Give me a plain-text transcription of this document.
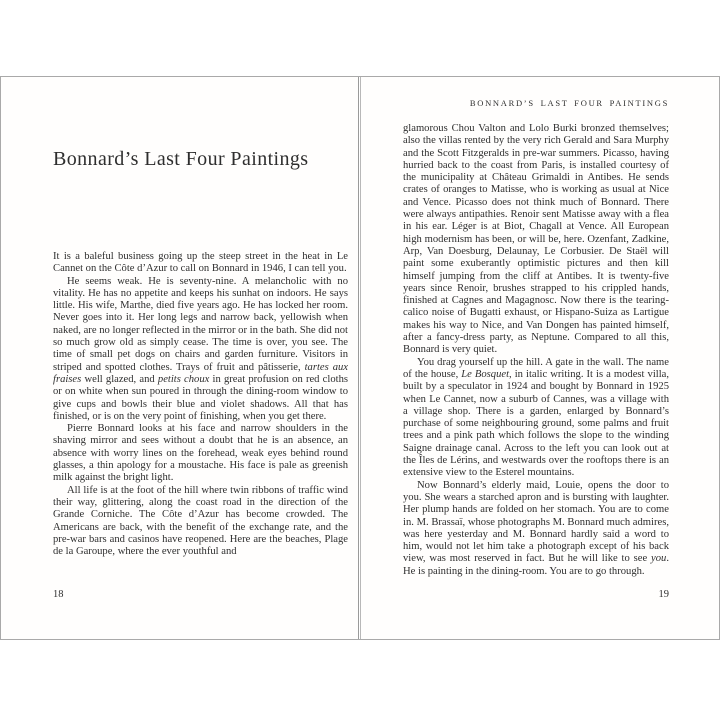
Bonnard’s Last Four Paintings

It is a baleful business going up the steep street in the heat in Le Cannet on the Côte d’Azur to call on Bonnard in 1946, I can tell you.

He seems weak. He is seventy-nine. A melancholic with no vitality. He has no appetite and keeps his sunhat on indoors. He says little. His wife, Marthe, died five years ago. He has locked her room. Never goes into it. Her long legs and narrow back, yellowish when naked, are no longer reflected in the mirror or in the bath. She did not so much grow old as simply cease. The time is over, you see. The time of small pet dogs on chairs and garden furniture. Visitors in striped and spotted clothes. Trays of fruit and pâtisserie, tartes aux fraises well glazed, and petits choux in great profusion on red cloths or on white when sun poured in through the dining-room window to give cups and bowls their blue and violet shadows. All that has finished, or is on the very point of finishing, when you get there.

Pierre Bonnard looks at his face and narrow shoulders in the shaving mirror and sees without a doubt that he is an absence, an absence with worry lines on the forehead, weak eyes behind round glasses, a thin apology for a moustache. His face is pale as greenish milk against the bright light.

All life is at the foot of the hill where twin ribbons of traffic wind their way, glittering, along the coast road in the direction of the Grande Corniche. The Côte d’Azur has become crowded. The Americans are back, with the benefit of the exchange rate, and the pre-war bars and casinos have reopened. Here are the beaches, Plage de la Garoupe, where the ever youthful and

18
BONNARD’S LAST FOUR PAINTINGS

glamorous Chou Valton and Lolo Burki bronzed themselves; also the villas rented by the very rich Gerald and Sara Murphy and the Scott Fitzgeralds in pre-war summers. Picasso, having hurried back to the coast from Paris, is installed courtesy of the municipality at Château Grimaldi in Antibes. He sends crates of oranges to Matisse, who is working as usual at Nice and Vence. Picasso does not think much of Bonnard. There were always antipathies. Renoir sent Matisse away with a flea in his ear. Léger is at Biot, Chagall at Vence. All European high modernism has been, or will be, here. Ozenfant, Zadkine, Arp, Van Doesburg, Delaunay, Le Corbusier. De Staël will paint some exuberantly optimistic pictures and then kill himself jumping from the cliff at Antibes. It is twenty-five years since Renoir, brushes strapped to his crippled hands, finished at Cagnes and Magagnosc. Now there is the tearing-calico noise of Bugatti exhaust, or Hispano-Suiza as Lartigue makes his way to Nice, and Van Dongen has painted himself, after a fancy-dress party, as Neptune. Compared to all this, Bonnard is very quiet.

You drag yourself up the hill. A gate in the wall. The name of the house, Le Bosquet, in italic writing. It is a modest villa, built by a speculator in 1924 and bought by Bonnard in 1925 when Le Cannet, now a suburb of Cannes, was a village with a village shop. There is a garden, enlarged by Bonnard’s purchase of some neighbouring ground, some palms and fruit trees and a pink path which follows the slope to the winding Saigne drainage canal. Across to the left you can look out at the Îles de Lérins, and westwards over the rooftops there is an extensive view to the Esterel mountains.

Now Bonnard’s elderly maid, Louie, opens the door to you. She wears a starched apron and is bursting with laughter. Her plump hands are folded on her stomach. You are to come in. M. Brassaï, whose photographs M. Bonnard much admires, was here yesterday and M. Bonnard hardly said a word to him, would not let him take a photograph except of his back view, was most reserved in fact. But he will like to see you. He is painting in the dining-room. You are to go through.

19
